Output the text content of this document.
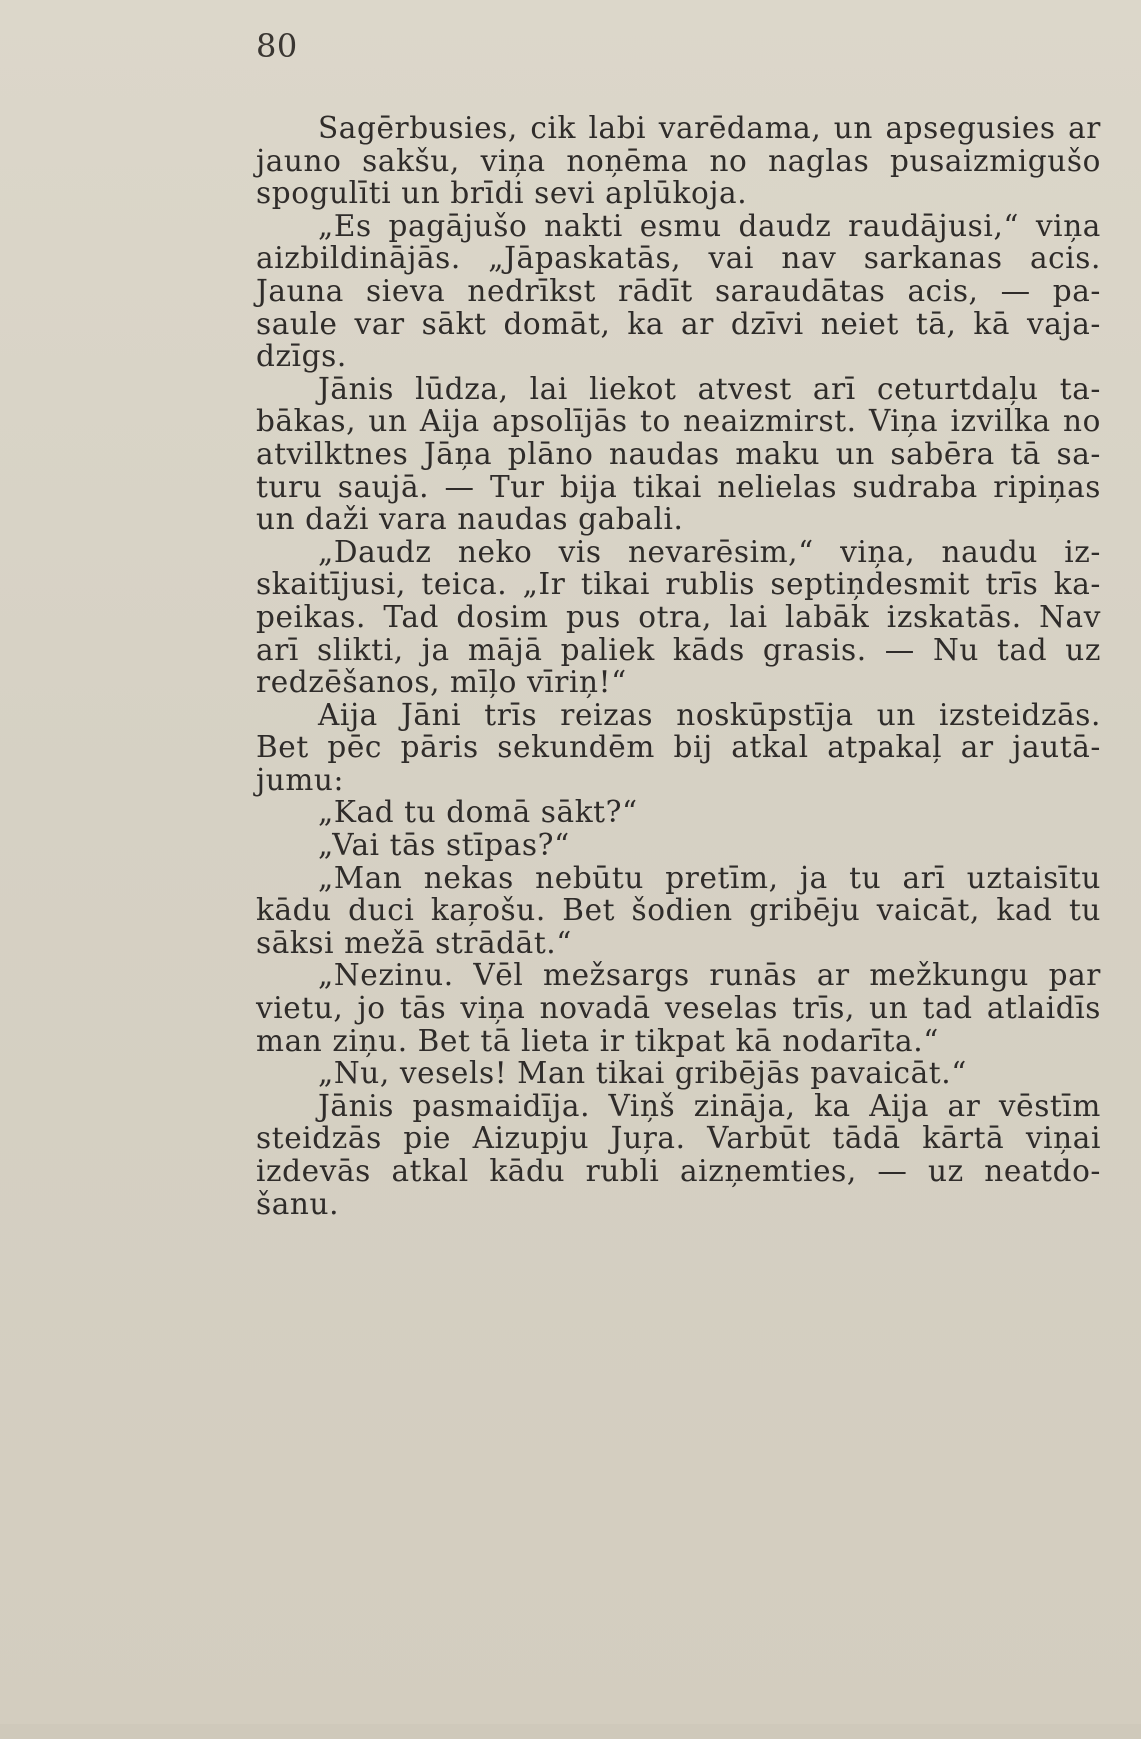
80
Sagērbusies, cik labi varēdama, un apsegusies ar
jauno sakšu, viņa noņēma no naglas pusaizmigušo
spogulīti un brīdi sevi aplūkoja.
„Es pagājušo nakti esmu daudz raudājusi,“ viņa
aizbildinājās. „Jāpaskatās, vai nav sarkanas acis.
Jauna sieva nedrīkst rādīt saraudātas acis, — pa-
saule var sākt domāt, ka ar dzīvi neiet tā, kā vaja-
dzīgs.
Jānis lūdza, lai liekot atvest arī ceturtdaļu ta-
bākas, un Aija apsolījās to neaizmirst. Viņa izvilka no
atvilktnes Jāņa plāno naudas maku un sabēra tā sa-
turu saujā. — Tur bija tikai nelielas sudraba ripiņas
un daži vara naudas gabali.
„Daudz neko vis nevarēsim,“ viņa, naudu iz-
skaitījusi, teica. „Ir tikai rublis septiņdesmit trīs ka-
peikas. Tad dosim pus otra, lai labāk izskatās. Nav
arī slikti, ja mājā paliek kāds grasis. — Nu tad uz
redzēšanos, mīļo vīriņ!“
Aija Jāni trīs reizas noskūpstīja un izsteidzās.
Bet pēc pāris sekundēm bij atkal atpakaļ ar jautā-
jumu:
„Kad tu domā sākt?“
„Vai tās stīpas?“
„Man nekas nebūtu pretīm, ja tu arī uztaisītu
kādu duci kaŗošu. Bet šodien gribēju vaicāt, kad tu
sāksi mežā strādāt.“
„Nezinu. Vēl mežsargs runās ar mežkungu par
vietu, jo tās viņa novadā veselas trīs, un tad atlaidīs
man ziņu. Bet tā lieta ir tikpat kā nodarīta.“
„Nu, vesels! Man tikai gribējās pavaicāt.“
Jānis pasmaidīja. Viņš zināja, ka Aija ar vēstīm
steidzās pie Aizupju Juŗa. Varbūt tādā kārtā viņai
izdevās atkal kādu rubli aizņemties, — uz neatdo-
šanu.
